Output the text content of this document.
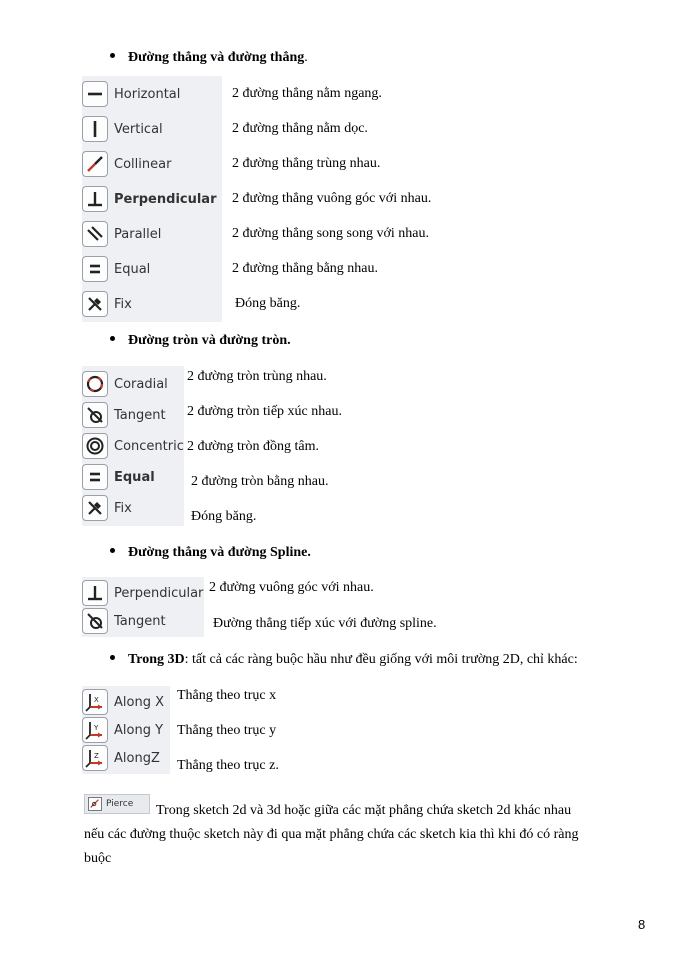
Đường thẳng và đường thẳng.
Horizontal
Vertical
Collinear
Perpendicular
Parallel
Equal
Fix
2 đường thẳng nằm ngang.
2 đường thẳng nằm dọc.
2 đường thẳng trùng nhau.
2 đường thẳng vuông góc với nhau.
2 đường thẳng song song với nhau.
2 đường thẳng bằng nhau.
Đóng băng.
Đường tròn và đường tròn.
Coradial
Tangent
Concentric
Equal
Fix
2 đường tròn trùng nhau.
2 đường tròn tiếp xúc nhau.
2 đường tròn đồng tâm.
2 đường tròn bằng nhau.
Đóng băng.
Đường thẳng và đường Spline.
Perpendicular
Tangent
2 đường vuông góc với nhau.
Đường thẳng tiếp xúc với đường spline.
Trong 3D: tất cả các ràng buộc hầu như đều giống với môi trường 2D, chỉ khác:
X Along X
Y Along Y
Z AlongZ
Thẳng theo trục x
Thẳng theo trục y
Thẳng theo trục z.
Pierce Trong sketch 2d và 3d hoặc giữa các mặt phẳng chứa sketch 2d khác nhau
nếu các đường thuộc sketch này đi qua mặt phẳng chứa các sketch kia thì khi đó có ràng
buộc
8
